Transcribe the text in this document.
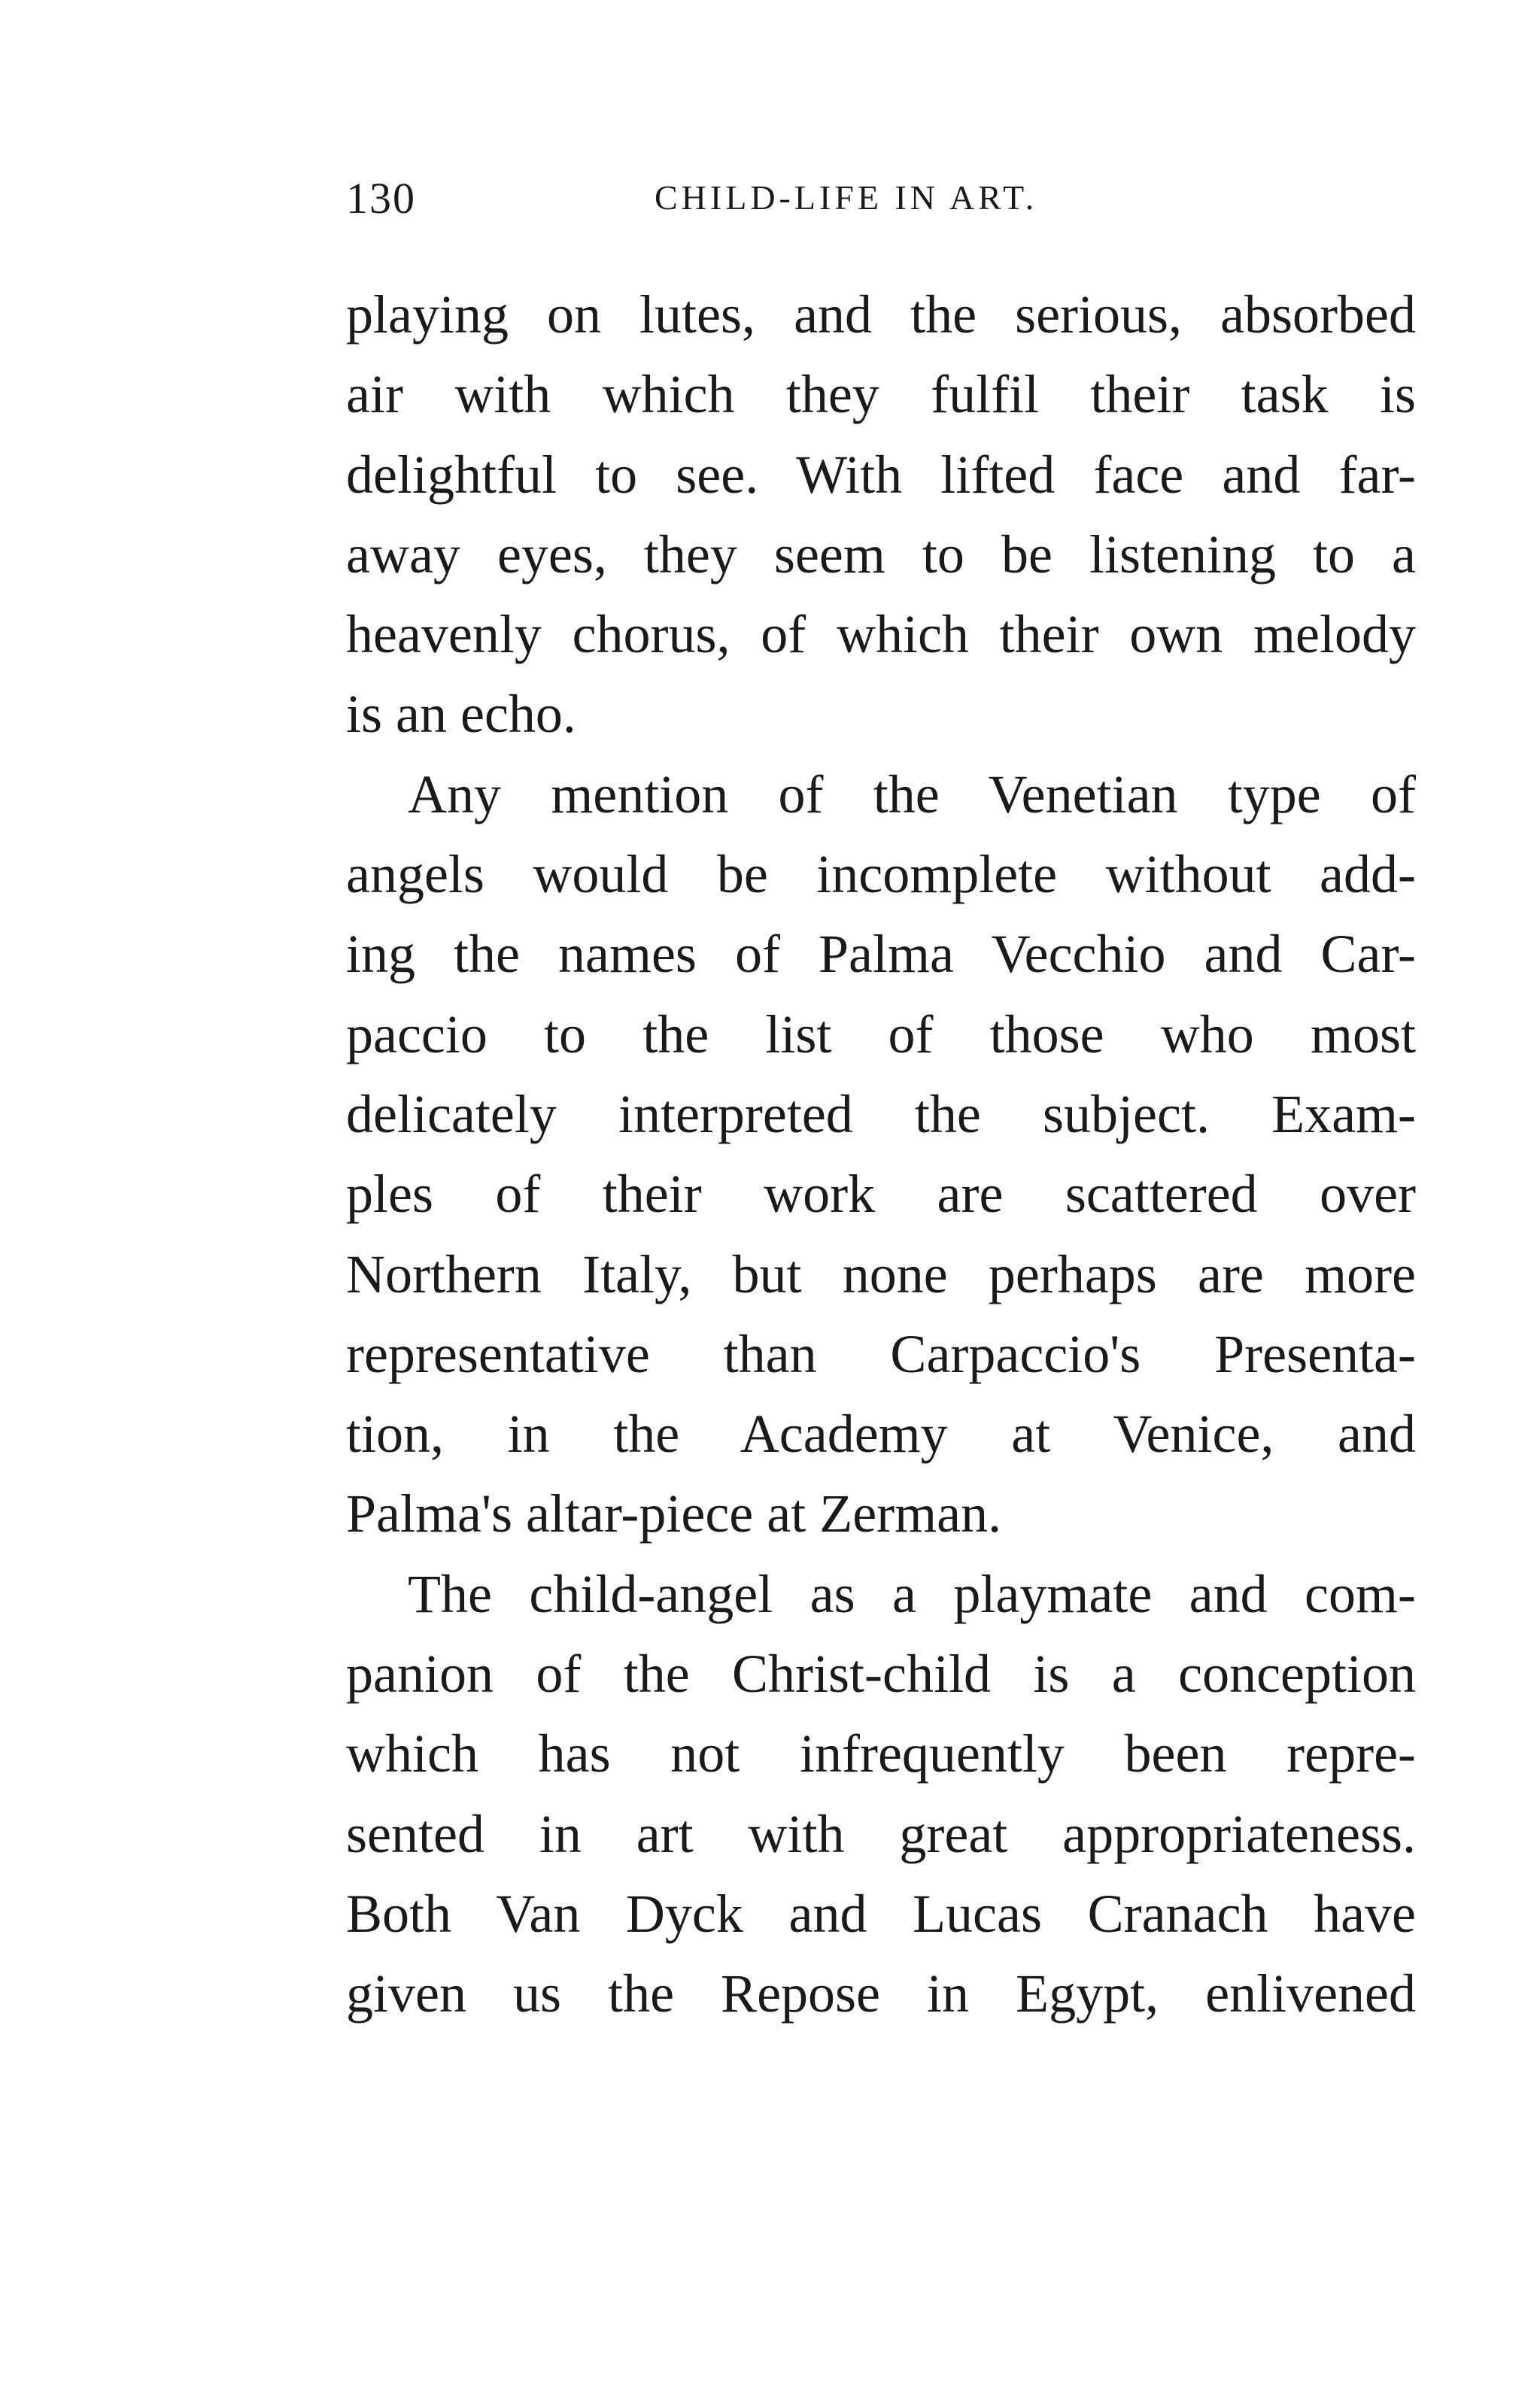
130	CHILD-LIFE IN ART.
playing on lutes, and the serious, absorbed
air with which they fulfil their task is
delightful to see. With lifted face and far-
away eyes, they seem to be listening to a
heavenly chorus, of which their own melody
is an echo.
Any mention of the Venetian type of
angels would be incomplete without add-
ing the names of Palma Vecchio and Car-
paccio to the list of those who most
delicately interpreted the subject. Exam-
ples of their work are scattered over
Northern Italy, but none perhaps are more
representative than Carpaccio's Presenta-
tion, in the Academy at Venice, and
Palma's altar-piece at Zerman.
The child-angel as a playmate and com-
panion of the Christ-child is a conception
which has not infrequently been repre-
sented in art with great appropriateness.
Both Van Dyck and Lucas Cranach have
given us the Repose in Egypt, enlivened
